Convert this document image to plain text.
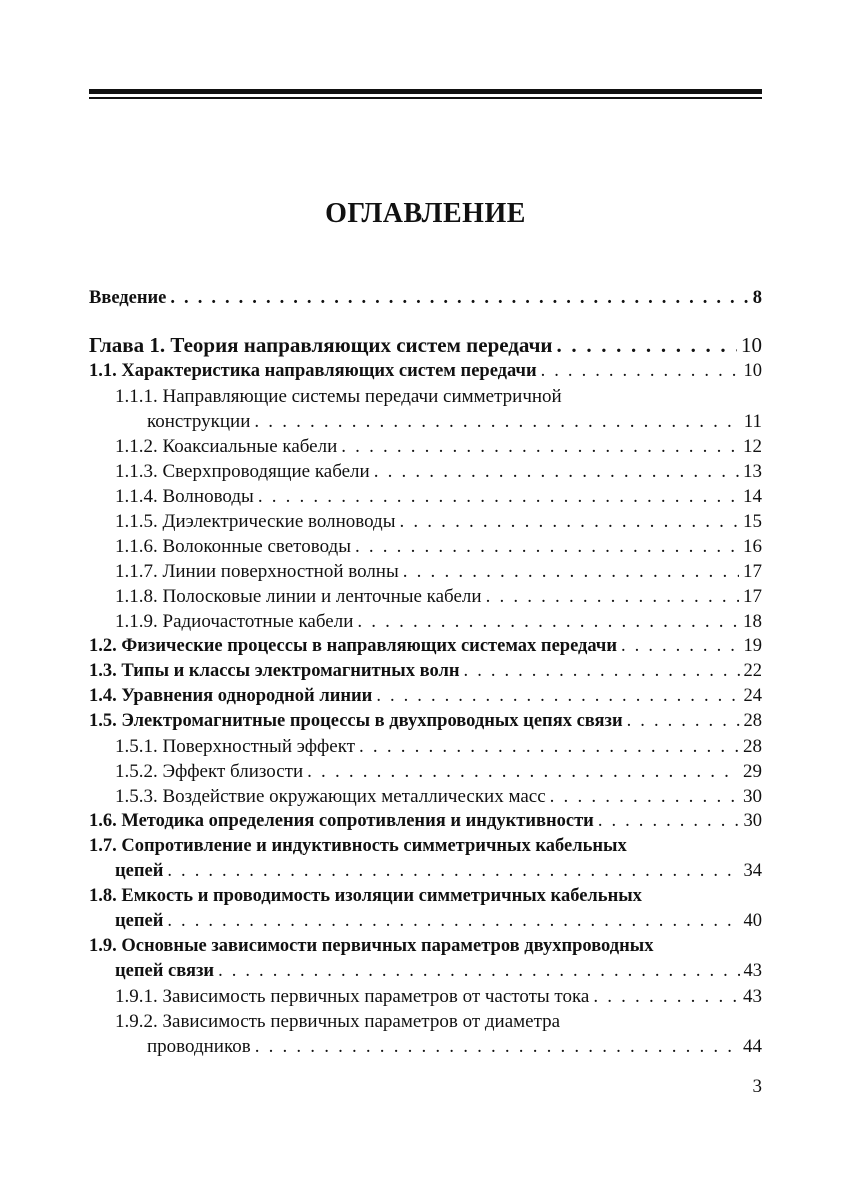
ОГЛАВЛЕНИЕ
Введение . . .	8
Глава 1. Теория направляющих систем передачи . . .	10
1.1. Характеристика направляющих систем передачи . . .	10
1.1.1. Направляющие системы передачи симметричной
конструкции . . .	11
1.1.2. Коаксиальные кабели . . .	12
1.1.3. Сверхпроводящие кабели . . .	13
1.1.4. Волноводы . . .	14
1.1.5. Диэлектрические волноводы . . .	15
1.1.6. Волоконные световоды . . .	16
1.1.7. Линии поверхностной волны . . .	17
1.1.8. Полосковые линии и ленточные кабели . . .	17
1.1.9. Радиочастотные кабели . . .	18
1.2. Физические процессы в направляющих системах передачи . . .	19
1.3. Типы и классы электромагнитных волн . . .	22
1.4. Уравнения однородной линии . . .	24
1.5. Электромагнитные процессы в двухпроводных цепях связи . . .	28
1.5.1. Поверхностный эффект . . .	28
1.5.2. Эффект близости . . .	29
1.5.3. Воздействие окружающих металлических масс . . .	30
1.6. Методика определения сопротивления и индуктивности . . .	30
1.7. Сопротивление и индуктивность симметричных кабельных
цепей . . .	34
1.8. Емкость и проводимость изоляции симметричных кабельных
цепей . . .	40
1.9. Основные зависимости первичных параметров двухпроводных
цепей связи . . .	43
1.9.1. Зависимость первичных параметров от частоты тока . . .	43
1.9.2. Зависимость первичных параметров от диаметра
проводников . . .	44
3
